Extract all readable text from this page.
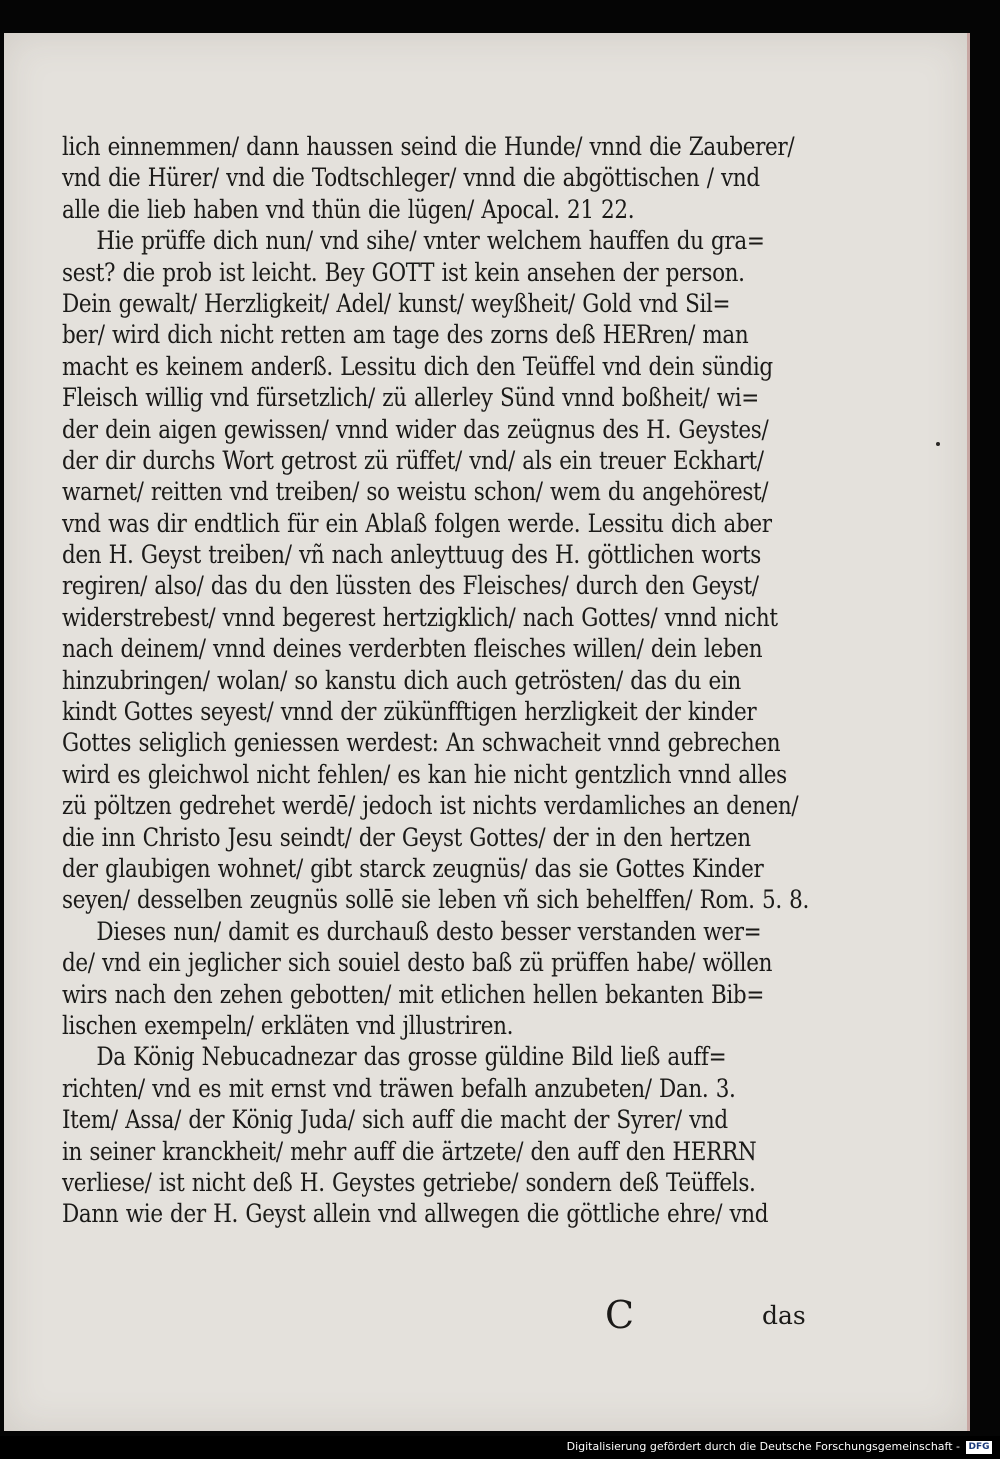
lich einnemmen/ dann haussen seind die Hunde/ vnnd die Zauberer/
vnd die Hürer/ vnd die Todtschleger/ vnnd die abgöttischen / vnd
alle die lieb haben vnd thün die lügen/ Apocal. 21 22.
Hie prüffe dich nun/ vnd sihe/ vnter welchem hauffen du gra=
sest? die prob ist leicht. Bey GOTT ist kein ansehen der person.
Dein gewalt/ Herzligkeit/ Adel/ kunst/ weyßheit/ Gold vnd Sil=
ber/ wird dich nicht retten am tage des zorns deß HERren/ man
macht es keinem anderß. Lessitu dich den Teüffel vnd dein sündig
Fleisch willig vnd fürsetzlich/ zü allerley Sünd vnnd boßheit/ wi=
der dein aigen gewissen/ vnnd wider das zeügnus des H. Geystes/
der dir durchs Wort getrost zü rüffet/ vnd/ als ein treuer Eckhart/
warnet/ reitten vnd treiben/ so weistu schon/ wem du angehörest/
vnd was dir endtlich für ein Ablaß folgen werde. Lessitu dich aber
den H. Geyst treiben/ vñ nach anleyttuug des H. göttlichen worts
regiren/ also/ das du den lüssten des Fleisches/ durch den Geyst/
widerstrebest/ vnnd begerest hertzigklich/ nach Gottes/ vnnd nicht
nach deinem/ vnnd deines verderbten fleisches willen/ dein leben
hinzubringen/ wolan/ so kanstu dich auch getrösten/ das du ein
kindt Gottes seyest/ vnnd der zükünfftigen herzligkeit der kinder
Gottes seliglich geniessen werdest: An schwacheit vnnd gebrechen
wird es gleichwol nicht fehlen/ es kan hie nicht gentzlich vnnd alles
zü pöltzen gedrehet werdē/ jedoch ist nichts verdamliches an denen/
die inn Christo Jesu seindt/ der Geyst Gottes/ der in den hertzen
der glaubigen wohnet/ gibt starck zeugnüs/ das sie Gottes Kinder
seyen/ desselben zeugnüs sollē sie leben vñ sich behelffen/ Rom. 5. 8.
Dieses nun/ damit es durchauß desto besser verstanden wer=
de/ vnd ein jeglicher sich souiel desto baß zü prüffen habe/ wöllen
wirs nach den zehen gebotten/ mit etlichen hellen bekanten Bib=
lischen exempeln/ erkläten vnd jllustriren.
Da König Nebucadnezar das grosse güldine Bild ließ auff=
richten/ vnd es mit ernst vnd träwen befalh anzubeten/ Dan. 3.
Item/ Assa/ der König Juda/ sich auff die macht der Syrer/ vnd
in seiner kranckheit/ mehr auff die ärtzete/ den auff den HERRN
verliese/ ist nicht deß H. Geystes getriebe/ sondern deß Teüffels.
Dann wie der H. Geyst allein vnd allwegen die göttliche ehre/ vnd
C	das
Digitalisierung gefördert durch die Deutsche Forschungsgemeinschaft - DFG
